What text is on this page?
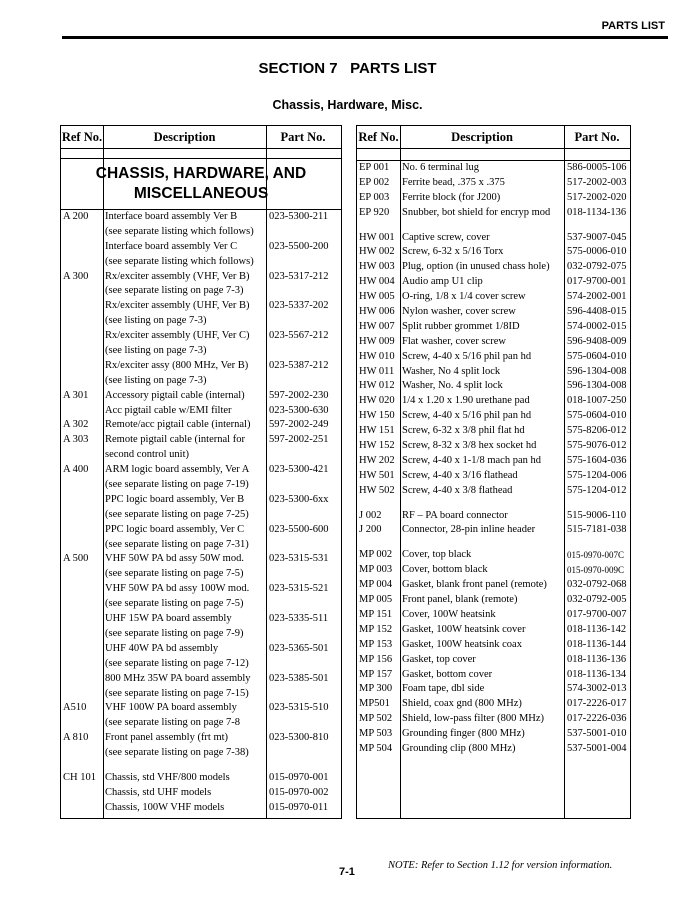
PARTS LIST
SECTION 7   PARTS LIST
Chassis, Hardware, Misc.
Ref No.	Description	Part No.
CHASSIS, HARDWARE, AND
MISCELLANEOUS
A 200	Interface board assembly Ver B	023-5300-211
(see separate listing which follows)
Interface board assembly Ver C	023-5500-200
(see separate listing which follows)
A 300	Rx/exciter assembly (VHF, Ver B)	023-5317-212
(see separate listing on page 7-3)
Rx/exciter assembly (UHF, Ver B)	023-5337-202
(see listing on page 7-3)
Rx/exciter assembly (UHF, Ver C)	023-5567-212
(see listing on page 7-3)
Rx/exciter assy (800 MHz, Ver B)	023-5387-212
(see listing on page 7-3)
A 301	Accessory pigtail cable (internal)	597-2002-230
Acc pigtail cable w/EMI filter	023-5300-630
A 302	Remote/acc pigtail cable (internal)	597-2002-249
A 303	Remote pigtail cable (internal for	597-2002-251
second control unit)
A 400	ARM logic board assembly, Ver A	023-5300-421
(see separate listing on page 7-19)
PPC logic board assembly, Ver B	023-5300-6xx
(see separate listing on page 7-25)
PPC logic board assembly, Ver C	023-5500-600
(see separate listing on page 7-31)
A 500	VHF 50W PA bd assy 50W mod.	023-5315-531
(see separate listing on page 7-5)
VHF 50W PA bd assy 100W mod.	023-5315-521
(see separate listing on page 7-5)
UHF 15W PA board assembly	023-5335-511
(see separate listing on page 7-9)
UHF 40W PA bd assembly	023-5365-501
(see separate listing on page 7-12)
800 MHz 35W PA board assembly	023-5385-501
(see separate listing on page 7-15)
A510	VHF 100W PA board assembly	023-5315-510
(see separate listing on page 7-8
A 810	Front panel assembly (frt mt)	023-5300-810
(see separate listing on page 7-38)
CH 101 Chassis, std VHF/800 models	015-0970-001
Chassis, std UHF models	015-0970-002
Chassis, 100W VHF models	015-0970-011
Ref No.	Description	Part No.
EP 001	No. 6 terminal lug	586-0005-106
EP 002	Ferrite bead, .375 x .375	517-2002-003
EP 003	Ferrite block (for J200)	517-2002-020
EP 920	Snubber, bot shield for encryp mod	018-1134-136
HW 001 Captive screw, cover	537-9007-045
HW 002 Screw, 6-32 x 5/16 Torx	575-0006-010
HW 003 Plug, option (in unused chass hole)	032-0792-075
HW 004 Audio amp U1 clip	017-9700-001
HW 005 O-ring, 1/8 x 1/4 cover screw	574-2002-001
HW 006 Nylon washer, cover screw	596-4408-015
HW 007 Split rubber grommet 1/8ID	574-0002-015
HW 009 Flat washer, cover screw	596-9408-009
HW 010 Screw, 4-40 x 5/16 phil pan hd	575-0604-010
HW 011 Washer, No 4 split lock	596-1304-008
HW 012 Washer, No. 4 split lock	596-1304-008
HW 020 1/4 x 1.20 x 1.90 urethane pad	018-1007-250
HW 150 Screw, 4-40 x 5/16 phil pan hd	575-0604-010
HW 151 Screw, 6-32 x 3/8 phil flat hd	575-8206-012
HW 152 Screw, 8-32 x 3/8 hex socket hd	575-9076-012
HW 202 Screw, 4-40 x 1-1/8 mach pan hd	575-1604-036
HW 501 Screw, 4-40 x 3/16 flathead	575-1204-006
HW 502 Screw, 4-40 x 3/8 flathead	575-1204-012
J 002	RF – PA board connector	515-9006-110
J 200	Connector, 28-pin inline header	515-7181-038
MP 002 Cover, top black	015-0970-007C
MP 003 Cover, bottom black	015-0970-009C
MP 004 Gasket, blank front panel (remote)	032-0792-068
MP 005 Front panel, blank (remote)	032-0792-005
MP 151 Cover, 100W heatsink	017-9700-007
MP 152 Gasket, 100W heatsink cover	018-1136-142
MP 153 Gasket, 100W heatsink coax	018-1136-144
MP 156 Gasket, top cover	018-1136-136
MP 157 Gasket, bottom cover	018-1136-134
MP 300 Foam tape, dbl side	574-3002-013
MP501	Shield, coax gnd (800 MHz)	017-2226-017
MP 502 Shield, low-pass filter (800 MHz)	017-2226-036
MP 503 Grounding finger (800 MHz)	537-5001-010
MP 504 Grounding clip (800 MHz)	537-5001-004
7-1
NOTE: Refer to Section 1.12 for version information.
